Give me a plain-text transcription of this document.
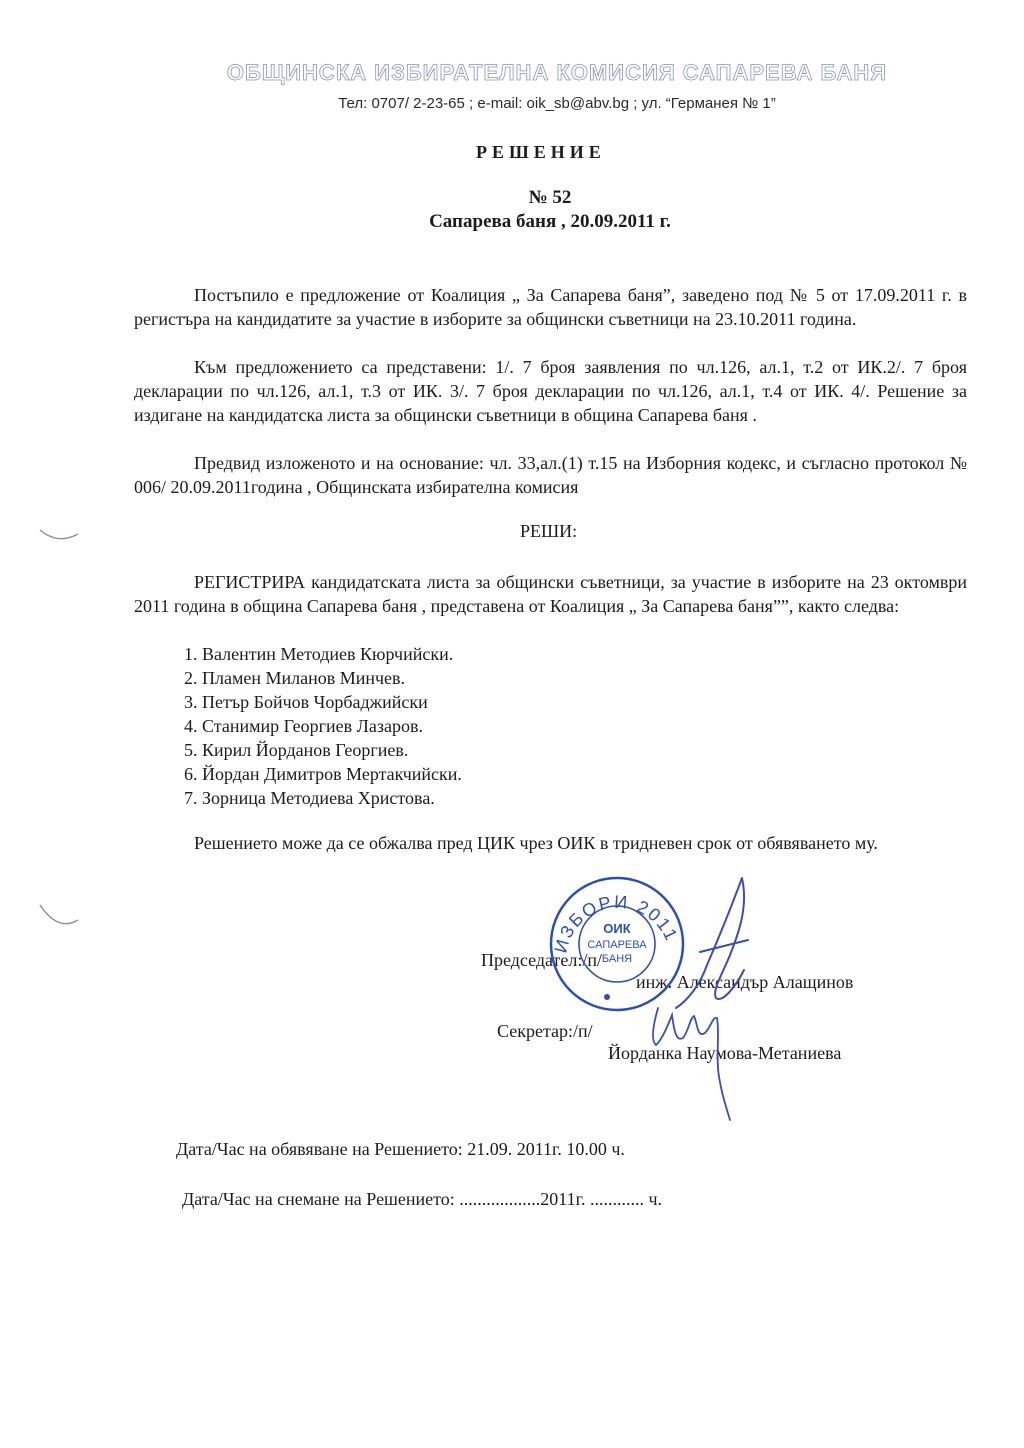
ОБЩИНСКА ИЗБИРАТЕЛНА КОМИСИЯ САПАРЕВА БАНЯ
Тел: 0707/ 2-23-65 ; e-mail: oik_sb@abv.bg ; ул. “Германея № 1”
РЕШЕНИЕ
№ 52
Сапарева баня , 20.09.2011 г.

Постъпило е предложение от Коалиция „ За Сапарева баня”, заведено под № 5 от 17.09.2011 г. в регистъра на кандидатите за участие в изборите за общински съветници на 23.10.2011 година.

Към предложението са представени: 1/. 7 броя заявления по чл.126, ал.1, т.2 от ИК.2/. 7 броя декларации по чл.126, ал.1, т.3 от ИК. 3/. 7 броя декларации по чл.126, ал.1, т.4 от ИК. 4/. Решение за издигане на кандидатска листа за общински съветници в община Сапарева баня .

Предвид изложеното и на основание: чл. 33,ал.(1) т.15 на Изборния кодекс, и съгласно протокол № 006/ 20.09.2011година , Общинската избирателна комисия

РЕШИ:

РЕГИСТРИРА кандидатската листа за общински съветници, за участие в изборите на 23 октомври 2011 година в община Сапарева баня , представена от Коалиция „ За Сапарева баня””, както следва:

1. Валентин Методиев Кюрчийски.
2. Пламен Миланов Минчев.
3. Петър Бойчов Чорбаджийски
4. Станимир Георгиев Лазаров.
5. Кирил Йорданов Георгиев.
6. Йордан Димитров Мертакчийски.
7. Зорница Методиева Христова.

Решението може да се обжалва пред ЦИК чрез ОИК в тридневен срок от обявяването му.

Председател:/п/
инж. Александър Алащинов
Секретар:/п/
Йорданка Наумова-Метаниева
ИЗБОРИ 2011
ОИК
САПАРЕВА
БАНЯ
Дата/Час на обявяване на Решението: 21.09. 2011г. 10.00 ч.
Дата/Час на снемане на Решението: ..................2011г. ............ ч.
